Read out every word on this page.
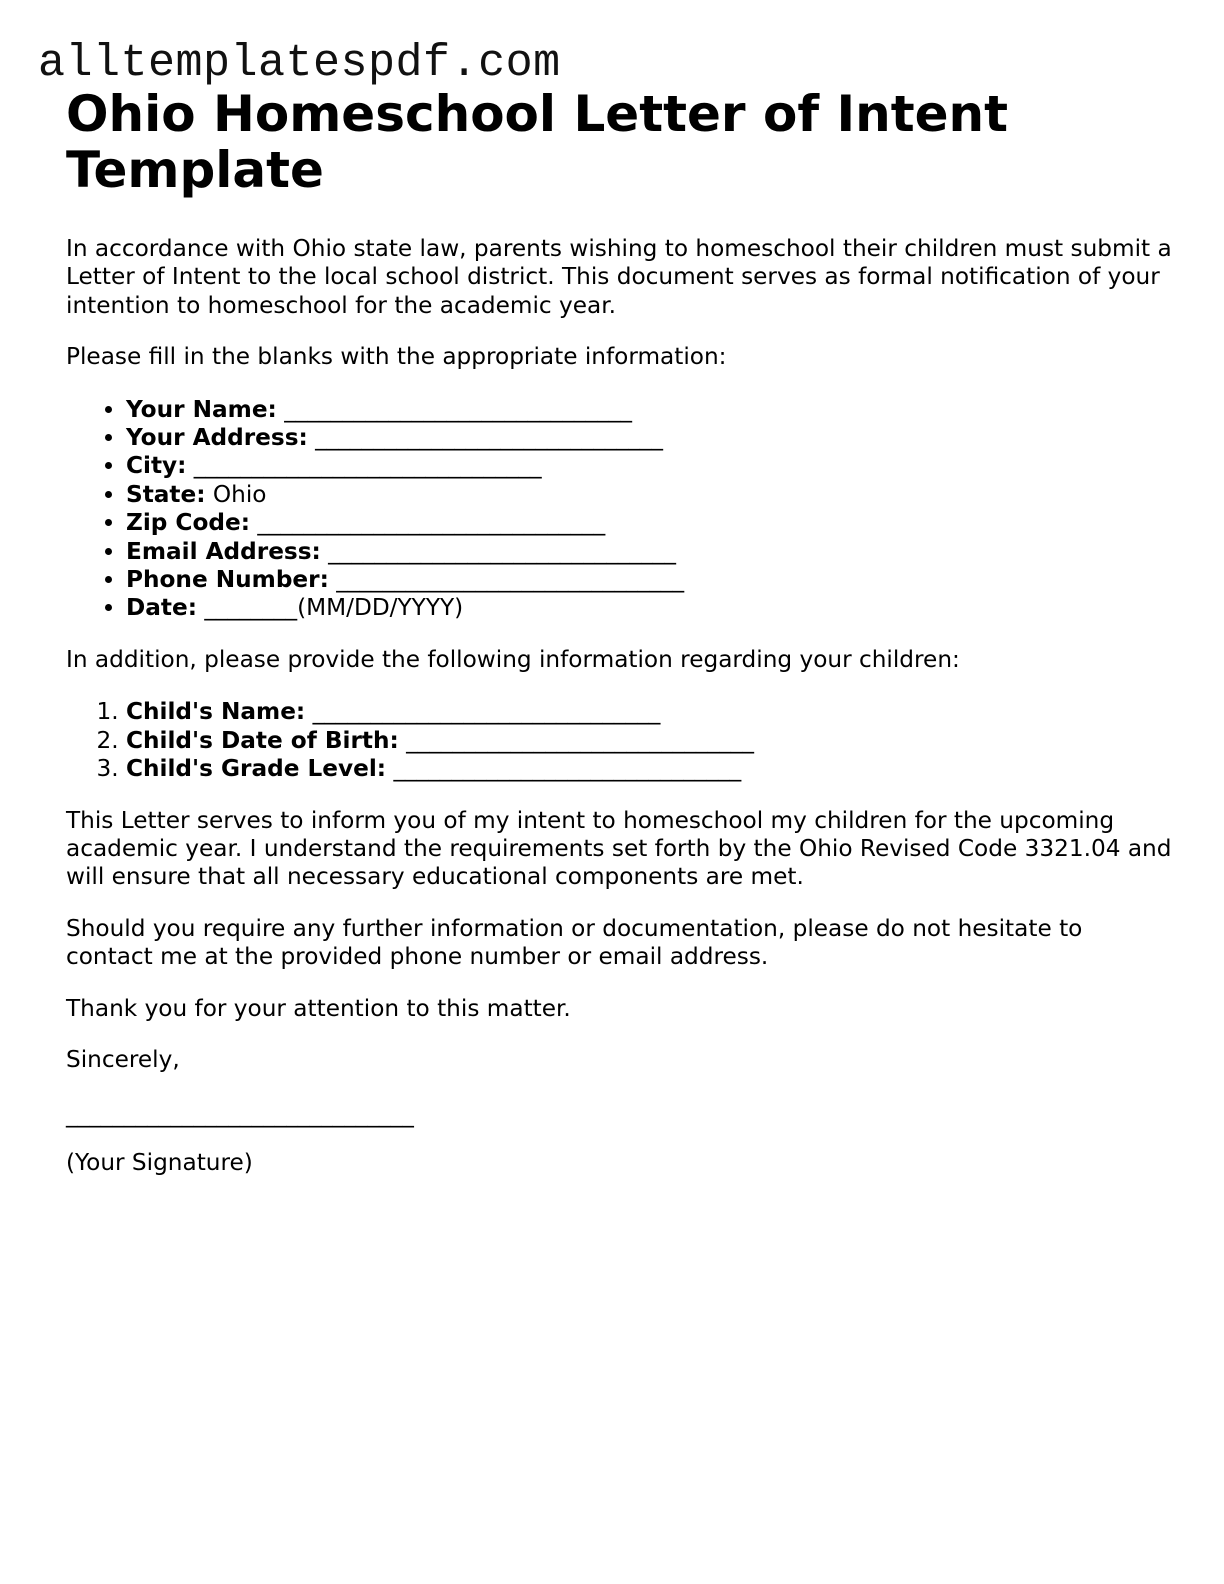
alltemplatespdf.com
Ohio Homeschool Letter of Intent Template

In accordance with Ohio state law, parents wishing to homeschool their children must submit a Letter of Intent to the local school district. This document serves as formal notification of your intention to homeschool for the academic year.

Please fill in the blanks with the appropriate information:

• Your Name: ______________________________
• Your Address: ______________________________
• City: ______________________________
• State: Ohio
• Zip Code: ______________________________
• Email Address: ______________________________
• Phone Number: ______________________________
• Date: ________(MM/DD/YYYY)

In addition, please provide the following information regarding your children:

1. Child's Name: ______________________________
2. Child's Date of Birth: ______________________________
3. Child's Grade Level: ______________________________

This Letter serves to inform you of my intent to homeschool my children for the upcoming academic year. I understand the requirements set forth by the Ohio Revised Code 3321.04 and will ensure that all necessary educational components are met.

Should you require any further information or documentation, please do not hesitate to contact me at the provided phone number or email address.

Thank you for your attention to this matter.

Sincerely,

______________________________

(Your Signature)
